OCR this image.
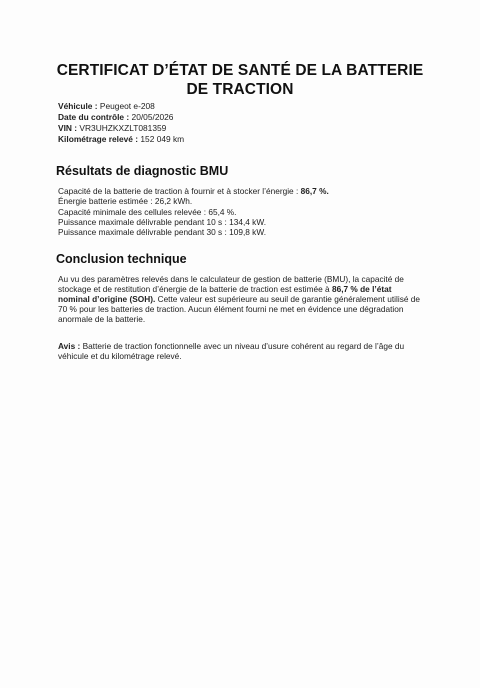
CERTIFICAT D’ÉTAT DE SANTÉ DE LA BATTERIE
DE TRACTION
Véhicule : Peugeot e-208
Date du contrôle : 20/05/2026
VIN : VR3UHZKXZLT081359
Kilométrage relevé : 152 049 km
Résultats de diagnostic BMU
Capacité de la batterie de traction à fournir et à stocker l’énergie : 86,7 %.
Énergie batterie estimée : 26,2 kWh.
Capacité minimale des cellules relevée : 65,4 %.
Puissance maximale délivrable pendant 10 s : 134,4 kW.
Puissance maximale délivrable pendant 30 s : 109,8 kW.
Conclusion technique
Au vu des paramètres relevés dans le calculateur de gestion de batterie (BMU), la capacité de
stockage et de restitution d’énergie de la batterie de traction est estimée à 86,7 % de l’état
nominal d’origine (SOH). Cette valeur est supérieure au seuil de garantie généralement utilisé de
70 % pour les batteries de traction. Aucun élément fourni ne met en évidence une dégradation
anormale de la batterie.
Avis : Batterie de traction fonctionnelle avec un niveau d’usure cohérent au regard de l’âge du
véhicule et du kilométrage relevé.
